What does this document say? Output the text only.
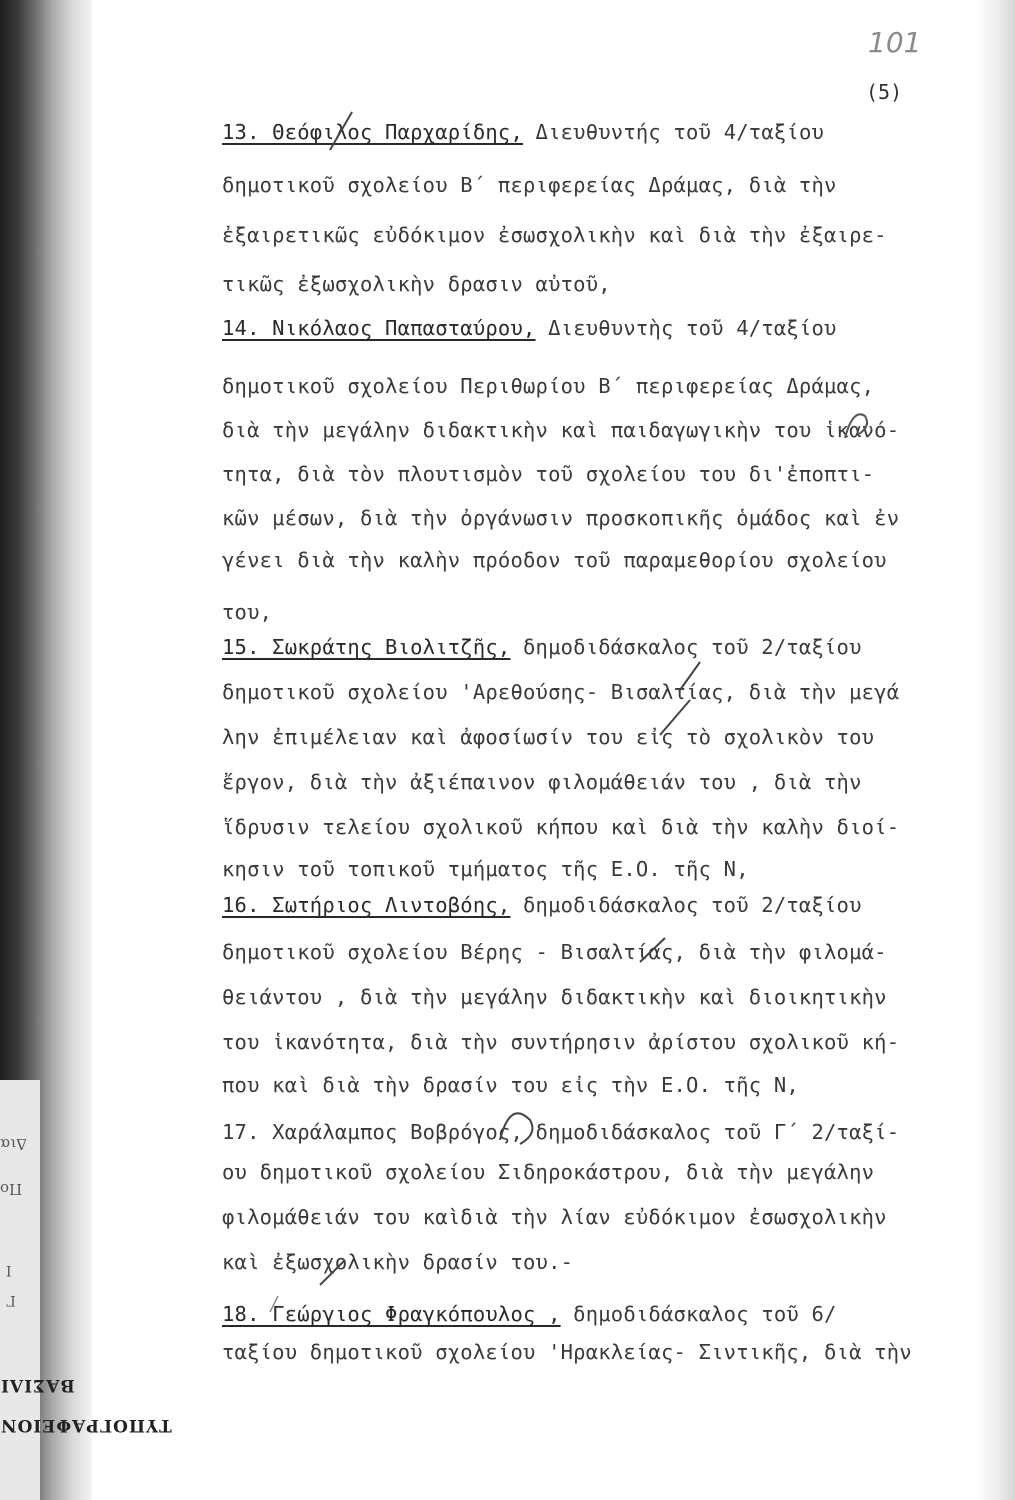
ΒΑΣΙΛΙ
ΤΥΠΟΓΡΑΦΕΙΟΝ
Δια
Πο
Ι
Γ
101
(5)
13. Θεόφιλος Παρχαρίδης, Διευθυντής τοῦ 4/ταξίου
δημοτικοῦ σχολείου Β΄ περιφερείας Δράμας, διὰ τὴν
ἐξαιρετικῶς εὐδόκιμον ἐσωσχολικὴν καὶ διὰ τὴν ἐξαιρε-
τικῶς ἐξωσχολικὴν δρασιν αὐτοῦ,
14. Νικόλαος Παπασταύρου, Διευθυντὴς τοῦ 4/ταξίου
δημοτικοῦ σχολείου Περιθωρίου Β΄ περιφερείας Δράμας,
διὰ τὴν μεγάλην διδακτικὴν καὶ παιδαγωγικὴν του ἱκανό-
τητα, διὰ τὸν πλουτισμὸν τοῦ σχολείου του δι'ἐποπτι-
κῶν μέσων, διὰ τὴν ὀργάνωσιν προσκοπικῆς ὁμάδος καὶ ἐν
γένει διὰ τὴν καλὴν πρόοδον τοῦ παραμεθορίου σχολείου
του,
15. Σωκράτης Βιολιτζῆς, δημοδιδάσκαλος τοῦ 2/ταξίου
δημοτικοῦ σχολείου 'Αρεθούσης- Βισαλτίας, διὰ τὴν μεγά
λην ἐπιμέλειαν καὶ ἀφοσίωσίν του εἰς τὸ σχολικὸν του
ἔργον, διὰ τὴν ἀξιέπαινον φιλομάθειάν του , διὰ τὴν
ἵδρυσιν τελείου σχολικοῦ κήπου καὶ διὰ τὴν καλὴν διοί-
κησιν τοῦ τοπικοῦ τμήματος τῆς Ε.Ο. τῆς Ν,
16. Σωτήριος Λιντοβόης, δημοδιδάσκαλος τοῦ 2/ταξίου
δημοτικοῦ σχολείου Βέρης - Βισαλτίας, διὰ τὴν φιλομά-
θειάντου , διὰ τὴν μεγάλην διδακτικὴν καὶ διοικητικὴν
του ἱκανότητα, διὰ τὴν συντήρησιν ἀρίστου σχολικοῦ κή-
που καὶ διὰ τὴν δρασίν του εἰς τὴν Ε.Ο. τῆς Ν,
17. Χαράλαμπος Βοβρόγος, δημοδιδάσκαλος τοῦ Γ΄ 2/ταξί-
ου δημοτικοῦ σχολείου Σιδηροκάστρου, διὰ τὴν μεγάλην
φιλομάθειάν του καὶδιὰ τὴν λίαν εὐδόκιμον ἐσωσχολικὴν
καὶ ἐξωσχολικὴν δρασίν του.-
18. Γεώργιος Φραγκόπουλος , δημοδιδάσκαλος τοῦ 6/
ταξίου δημοτικοῦ σχολείου 'Ηρακλείας- Σιντικῆς, διὰ τὴν
